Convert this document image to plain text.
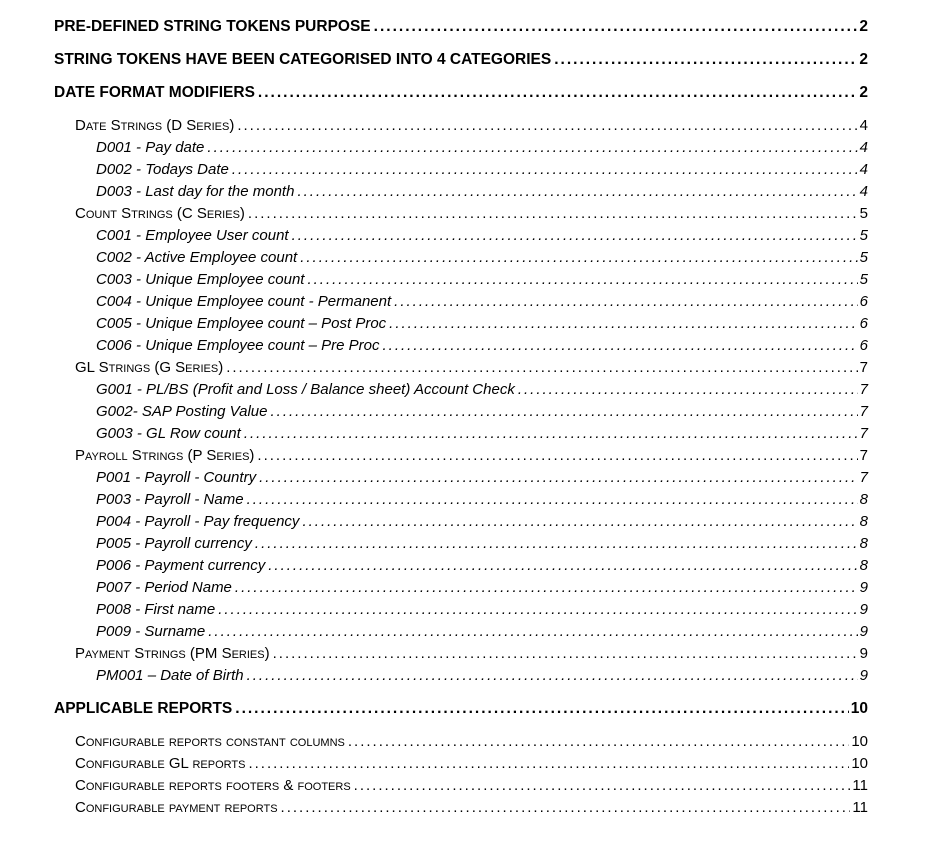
PRE-DEFINED STRING TOKENS PURPOSE .....	2
STRING TOKENS HAVE BEEN CATEGORISED INTO 4 CATEGORIES .....	2
DATE FORMAT MODIFIERS .....	2
Date Strings (D Series) .....	4
D001 - Pay date .....	4
D002 - Todays Date .....	4
D003 - Last day for the month .....	4
Count Strings (C Series) .....	5
C001 - Employee User count .....	5
C002 - Active Employee count .....	5
C003 - Unique Employee count .....	5
C004 - Unique Employee count - Permanent .....	6
C005 - Unique Employee count – Post Proc .....	6
C006 - Unique Employee count – Pre Proc .....	6
GL Strings (G Series) .....	7
G001 - PL/BS (Profit and Loss / Balance sheet) Account Check .....	7
G002- SAP Posting Value .....	7
G003 - GL Row count .....	7
Payroll Strings (P Series) .....	7
P001 - Payroll - Country .....	7
P003 - Payroll - Name .....	8
P004 - Payroll - Pay frequency .....	8
P005 - Payroll currency .....	8
P006 - Payment currency .....	8
P007 - Period Name .....	9
P008 - First name .....	9
P009 - Surname .....	9
Payment Strings (PM Series) .....	9
PM001 – Date of Birth .....	9
APPLICABLE REPORTS .....	10
Configurable reports constant columns .....	10
Configurable GL reports .....	10
Configurable reports footers & footers .....	11
Configurable payment reports .....	11
